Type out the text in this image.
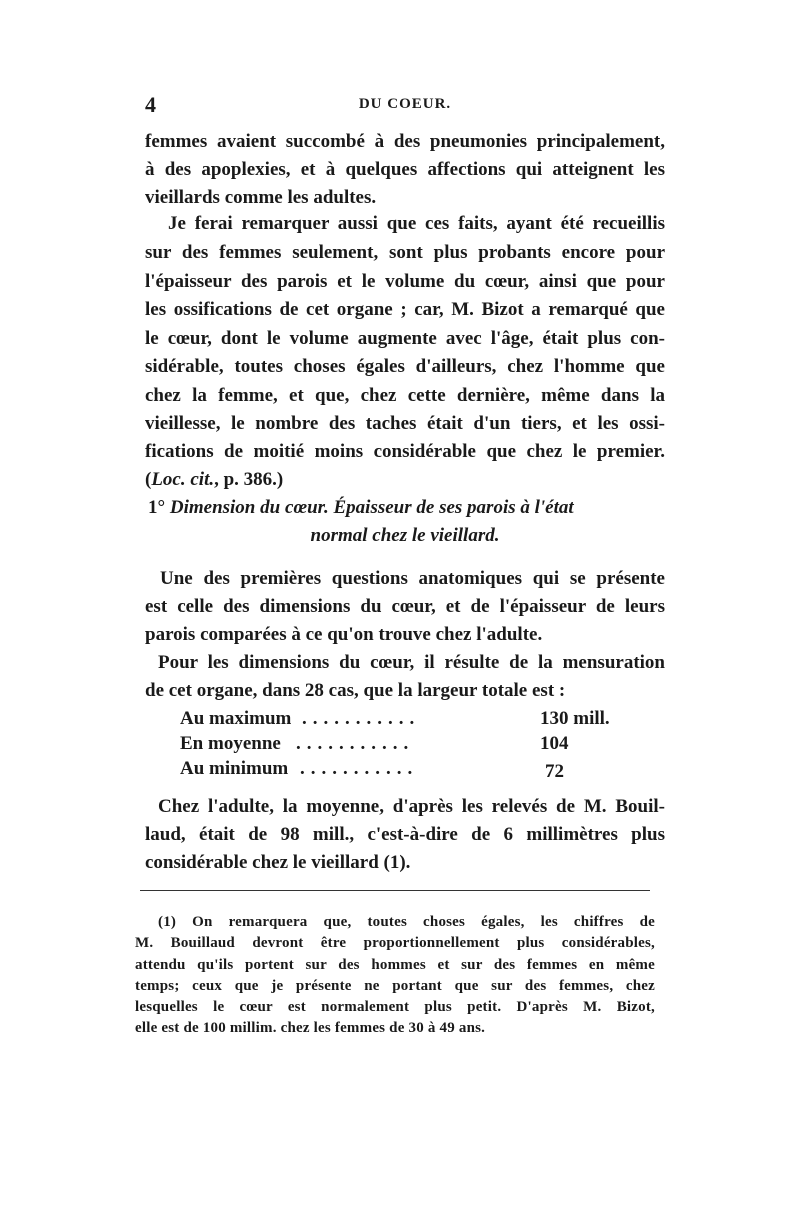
4	DU COEUR.
femmes avaient succombé à des pneumonies principalement,
à des apoplexies, et à quelques affections qui atteignent les
vieillards comme les adultes.
Je ferai remarquer aussi que ces faits, ayant été recueillis
sur des femmes seulement, sont plus probants encore pour
l'épaisseur des parois et le volume du cœur, ainsi que pour
les ossifications de cet organe ; car, M. Bizot a remarqué que
le cœur, dont le volume augmente avec l'âge, était plus con-
sidérable, toutes choses égales d'ailleurs, chez l'homme que
chez la femme, et que, chez cette dernière, même dans la
vieillesse, le nombre des taches était d'un tiers, et les ossi-
fications de moitié moins considérable que chez le premier.
(Loc. cit., p. 386.)
1° Dimension du cœur. Épaisseur de ses parois à l'état
normal chez le vieillard.
Une des premières questions anatomiques qui se présente
est celle des dimensions du cœur, et de l'épaisseur de leurs
parois comparées à ce qu'on trouve chez l'adulte.
Pour les dimensions du cœur, il résulte de la mensuration
de cet organe, dans 28 cas, que la largeur totale est :
Au maximum ...........	130 mill.
En moyenne ...........	104
Au minimum ...........	72
Chez l'adulte, la moyenne, d'après les relevés de M. Bouil-
laud, était de 98 mill., c'est-à-dire de 6 millimètres plus
considérable chez le vieillard (1).
(1) On remarquera que, toutes choses égales, les chiffres de
M. Bouillaud devront être proportionnellement plus considérables,
attendu qu'ils portent sur des hommes et sur des femmes en même
temps; ceux que je présente ne portant que sur des femmes, chez
lesquelles le cœur est normalement plus petit. D'après M. Bizot,
elle est de 100 millim. chez les femmes de 30 à 49 ans.
